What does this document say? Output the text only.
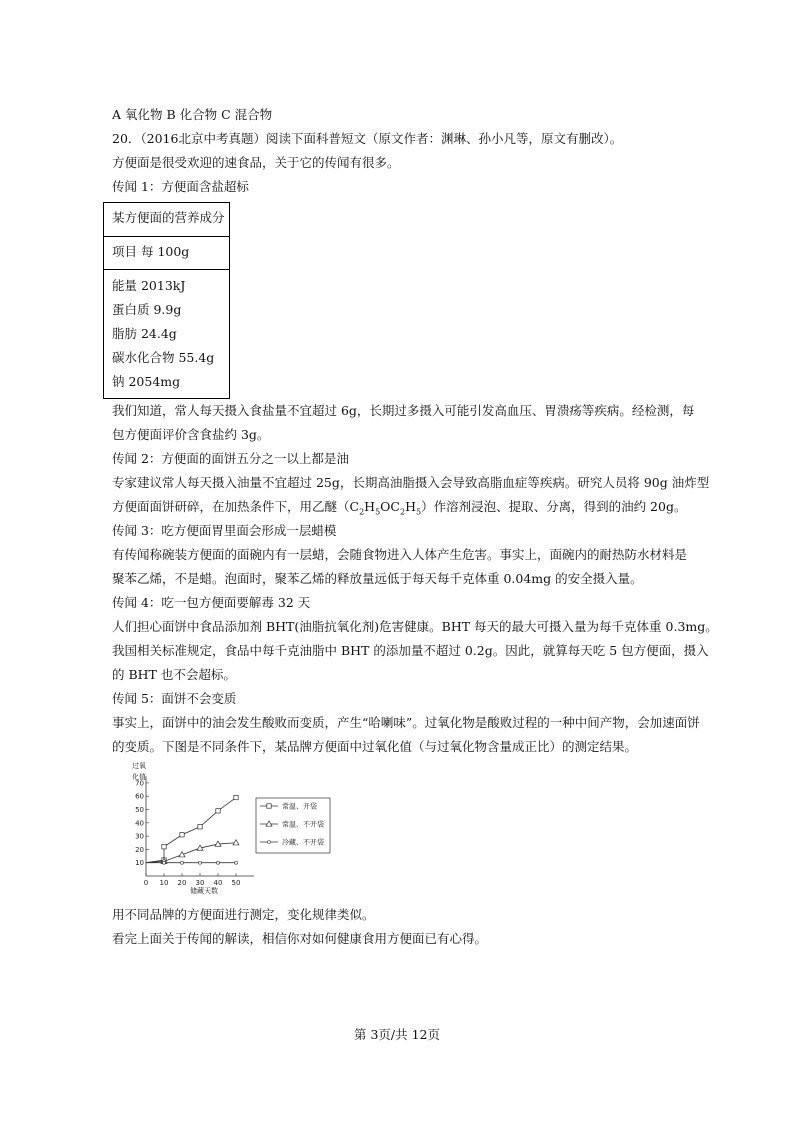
A 氧化物 B 化合物 C 混合物
20．（2016北京中考真题）阅读下面科普短文（原文作者：渊琳、孙小凡等，原文有删改）。
方便面是很受欢迎的速食品，关于它的传闻有很多。
传闻 1：方便面含盐超标
某方便面的营养成分
项目 每 100g
能量 2013kJ
蛋白质 9.9g
脂肪 24.4g
碳水化合物 55.4g
钠 2054mg
我们知道，常人每天摄入食盐量不宜超过 6g，长期过多摄入可能引发高血压、胃溃疡等疾病。经检测，每
包方便面评价含食盐约 3g。
传闻 2：方便面的面饼五分之一以上都是油
专家建议常人每天摄入油量不宜超过 25g，长期高油脂摄入会导致高脂血症等疾病。研究人员将 90g 油炸型
方便面面饼研碎，在加热条件下，用乙醚$(C_2H_5OC_2H_5)$作溶剂浸泡、提取、分离，得到的油约 20g。
传闻 3：吃方便面胃里面会形成一层蜡模
有传闻称碗装方便面的面碗内有一层蜡，会随食物进入人体产生危害。事实上，面碗内的耐热防水材料是
聚苯乙烯，不是蜡。泡面时，聚苯乙烯的释放量远低于每天每千克体重 0.04mg 的安全摄入量。
传闻 4：吃一包方便面要解毒 32 天
人们担心面饼中食品添加剂 BHT(油脂抗氧化剂)危害健康。BHT 每天的最大可摄入量为每千克体重 0.3mg。
我国相关标准规定，食品中每千克油脂中 BHT 的添加量不超过 0.2g。因此，就算每天吃 5 包方便面，摄入
的 BHT 也不会超标。
传闻 5：面饼不会变质
事实上，面饼中的油会发生酸败而变质，产生“哈喇味”。过氧化物是酸败过程的一种中间产物，会加速面饼
的变质。下图是不同条件下，某品牌方便面中过氧化值（与过氧化物含量成正比）的测定结果。
过氧
化值
10
20
30
40
50
60
70
0 10 20 30 40 50
储藏天数
常温、开袋
常温、不开袋
冷藏、不开袋
用不同品牌的方便面进行测定，变化规律类似。
看完上面关于传闻的解读，相信你对如何健康食用方便面已有心得。
第 3页/共 12页
